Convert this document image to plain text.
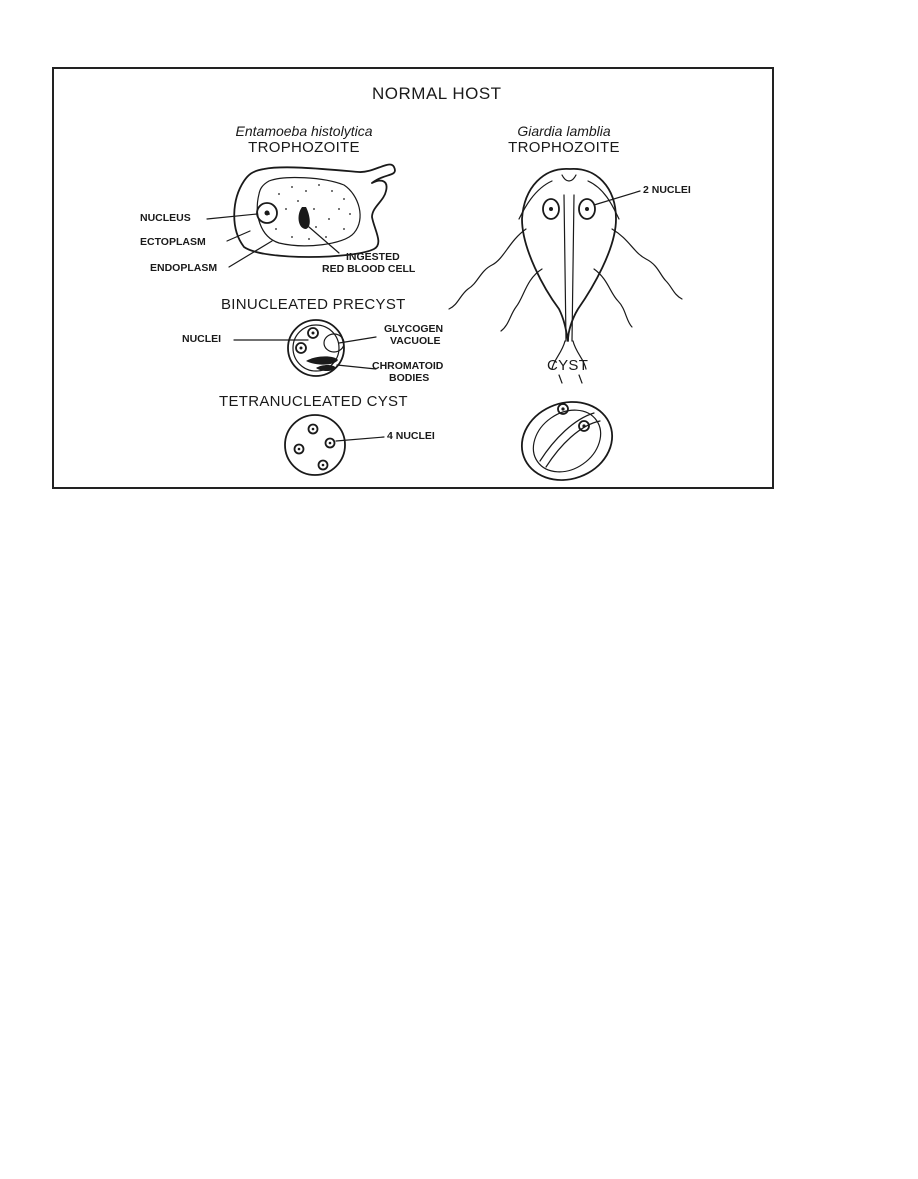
NORMAL HOST
Entamoeba histolytica
TROPHOZOITE
NUCLEUS
ECTOPLASM
ENDOPLASM
INGESTED
RED BLOOD CELL
BINUCLEATED PRECYST
NUCLEI
GLYCOGEN
VACUOLE
CHROMATOID
BODIES
TETRANUCLEATED CYST
4 NUCLEI
Giardia lamblia
TROPHOZOITE
2 NUCLEI
CYST
